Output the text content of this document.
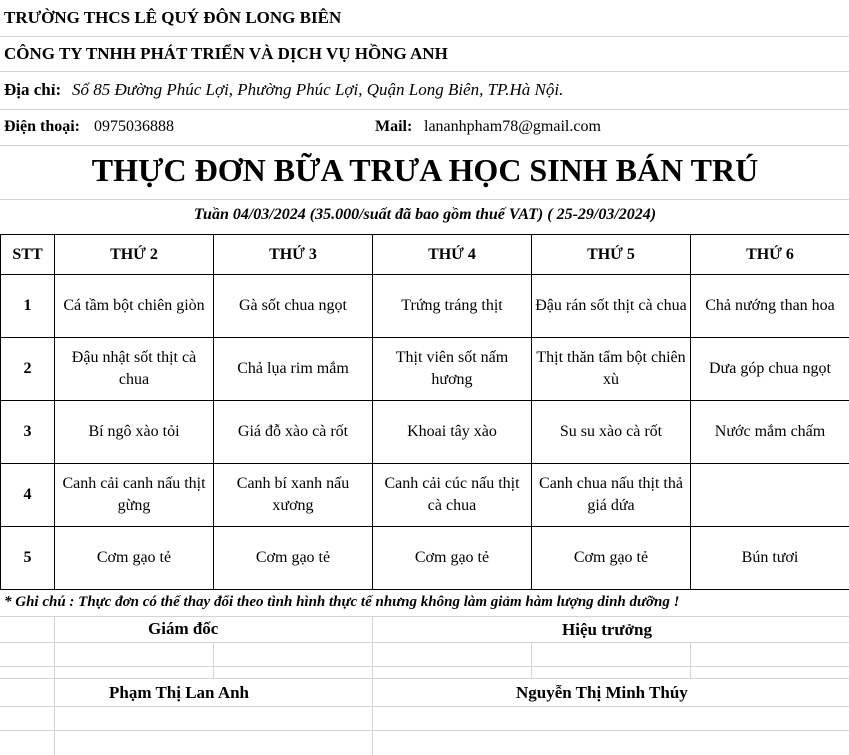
TRƯỜNG THCS LÊ QUÝ ĐÔN LONG BIÊN
CÔNG TY TNHH PHÁT TRIỂN VÀ DỊCH VỤ HỒNG ANH
Địa chỉ: Số 85 Đường Phúc Lợi, Phường Phúc Lợi, Quận Long Biên, TP.Hà Nội.
Điện thoại: 0975036888	Mail: lananhpham78@gmail.com
THỰC ĐƠN BỮA TRƯA HỌC SINH BÁN TRÚ
Tuần 04/03/2024 (35.000/suất đã bao gồm thuế VAT) ( 25-29/03/2024)
STT	THỨ 2	THỨ 3	THỨ 4	THỨ 5	THỨ 6
1	Cá tầm bột chiên giòn	Gà sốt chua ngọt	Trứng tráng thịt	Đậu rán sốt thịt cà chua	Chả nướng than hoa
2	Đậu nhật sốt thịt cà chua	Chả lụa rim mắm	Thịt viên sốt nấm hương	Thịt thăn tẩm bột chiên xù	Dưa góp chua ngọt
3	Bí ngô xào tỏi	Giá đỗ xào cà rốt	Khoai tây xào	Su su xào cà rốt	Nước mắm chấm
4	Canh cải canh nấu thịt gừng	Canh bí xanh nấu xương	Canh cải cúc nấu thịt cà chua	Canh chua nấu thịt thả giá dứa	
5	Cơm gạo tẻ	Cơm gạo tẻ	Cơm gạo tẻ	Cơm gạo tẻ	Bún tươi
* Ghi chú : Thực đơn có thể thay đổi theo tình hình thực tế nhưng không làm giảm hàm lượng dinh dưỡng !
Giám đốc	Hiệu trưởng
Phạm Thị Lan Anh	Nguyễn Thị Minh Thúy
